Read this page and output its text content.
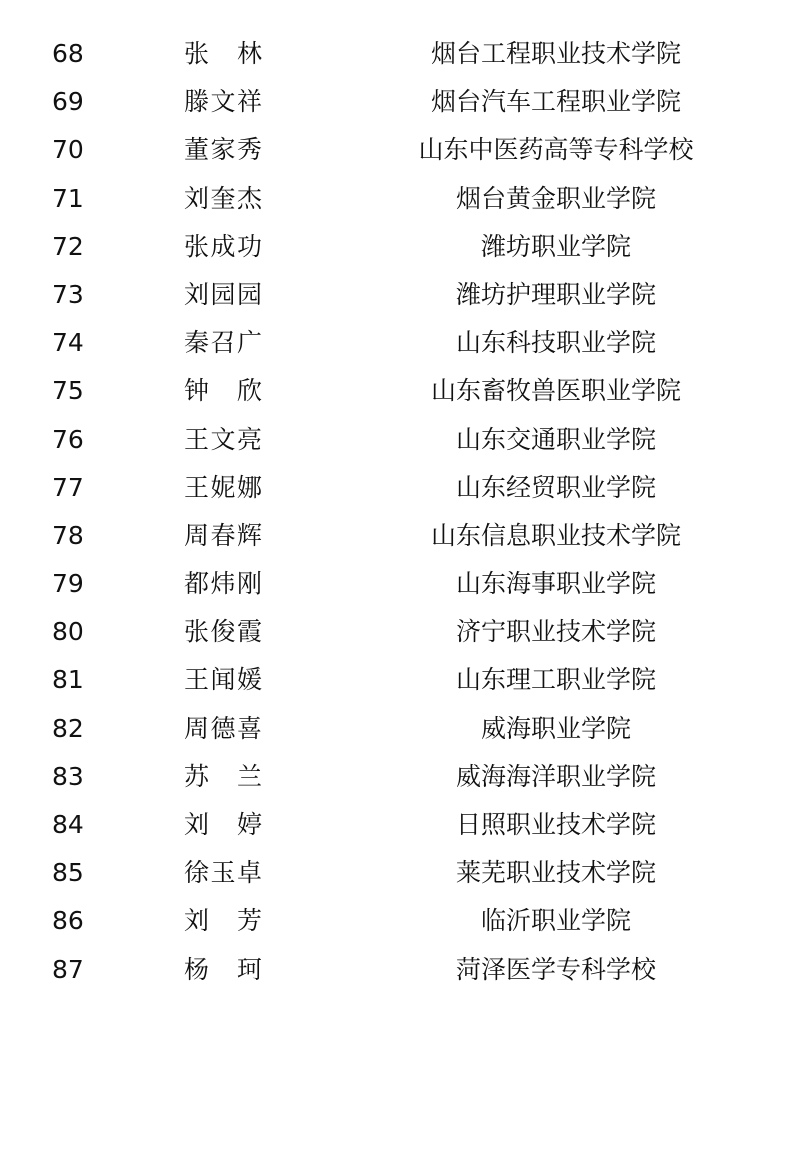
68	张　林	烟台工程职业技术学院
69	滕文祥	烟台汽车工程职业学院
70	董家秀	山东中医药高等专科学校
71	刘奎杰	烟台黄金职业学院
72	张成功	潍坊职业学院
73	刘园园	潍坊护理职业学院
74	秦召广	山东科技职业学院
75	钟　欣	山东畜牧兽医职业学院
76	王文亮	山东交通职业学院
77	王妮娜	山东经贸职业学院
78	周春辉	山东信息职业技术学院
79	都炜刚	山东海事职业学院
80	张俊霞	济宁职业技术学院
81	王闻媛	山东理工职业学院
82	周德喜	威海职业学院
83	苏　兰	威海海洋职业学院
84	刘　婷	日照职业技术学院
85	徐玉卓	莱芜职业技术学院
86	刘　芳	临沂职业学院
87	杨　珂	菏泽医学专科学校
